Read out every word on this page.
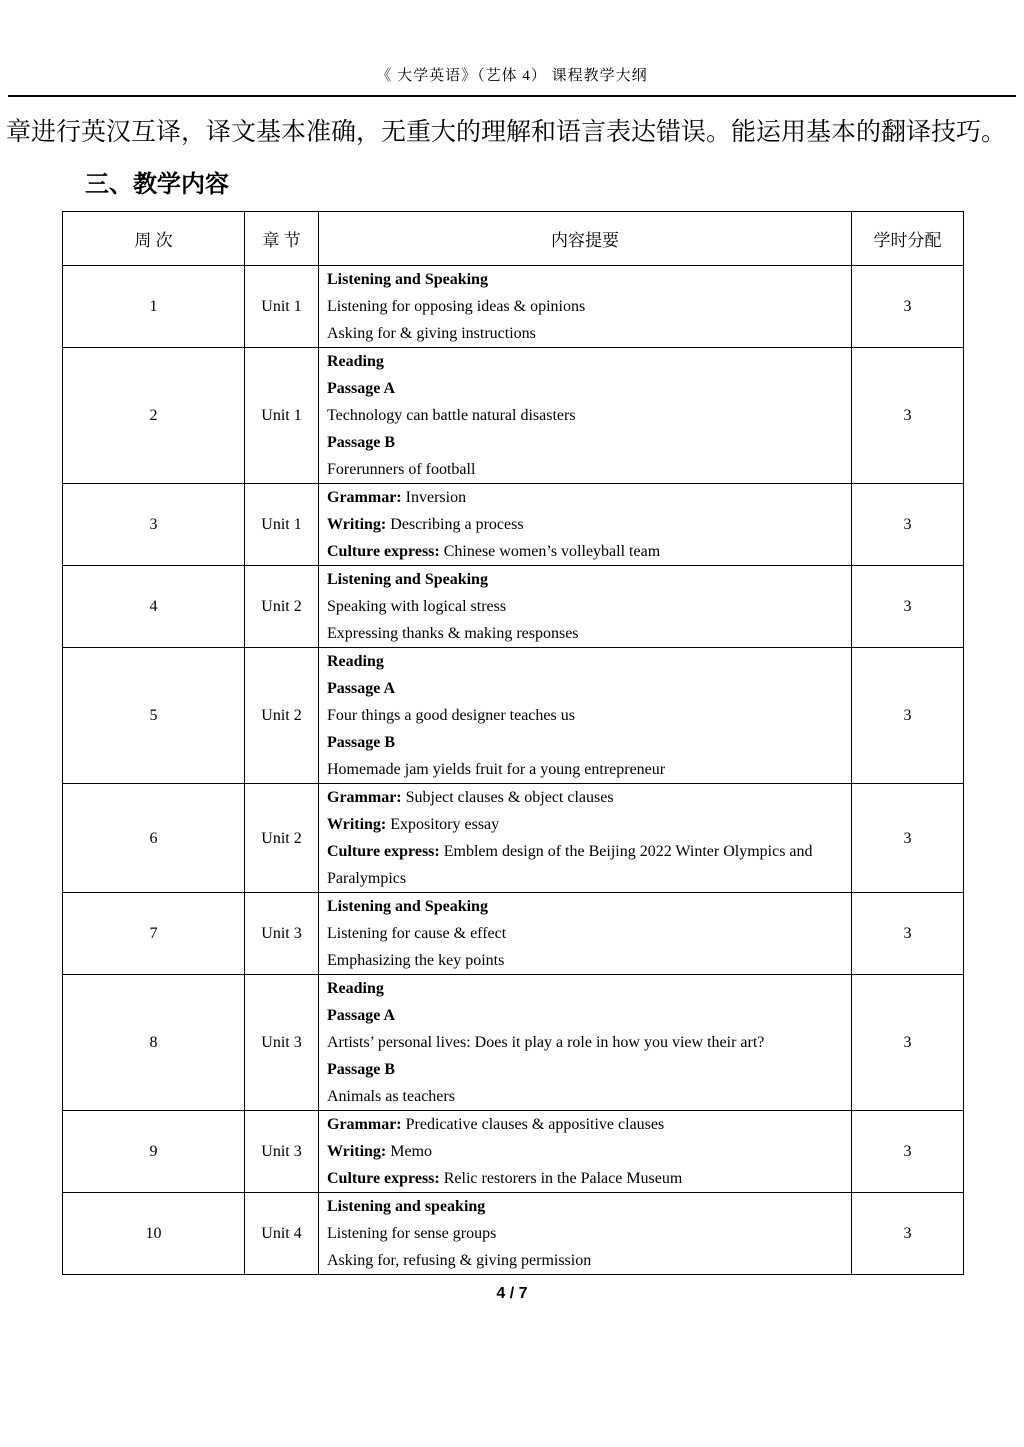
《 大学英语》（艺体 4） 课程教学大纲

章进行英汉互译，译文基本准确，无重大的理解和语言表达错误。能运用基本的翻译技巧。

三、教学内容
周 次	章 节	内容提要	学时分配
1	Unit 1	Listening and Speaking
Listening for opposing ideas & opinions
Asking for & giving instructions	3
2	Unit 1	Reading
Passage A
Technology can battle natural disasters
Passage B
Forerunners of football	3
3	Unit 1	Grammar: Inversion
Writing: Describing a process
Culture express: Chinese women’s volleyball team	3
4	Unit 2	Listening and Speaking
Speaking with logical stress
Expressing thanks & making responses	3
5	Unit 2	Reading
Passage A
Four things a good designer teaches us
Passage B
Homemade jam yields fruit for a young entrepreneur	3
6	Unit 2	Grammar: Subject clauses & object clauses
Writing: Expository essay
Culture express: Emblem design of the Beijing 2022 Winter Olympics and Paralympics	3
7	Unit 3	Listening and Speaking
Listening for cause & effect
Emphasizing the key points	3
8	Unit 3	Reading
Passage A
Artists’ personal lives: Does it play a role in how you view their art?
Passage B
Animals as teachers	3
9	Unit 3	Grammar: Predicative clauses & appositive clauses
Writing: Memo
Culture express: Relic restorers in the Palace Museum	3
10	Unit 4	Listening and speaking
Listening for sense groups
Asking for, refusing & giving permission	3
4 / 7
